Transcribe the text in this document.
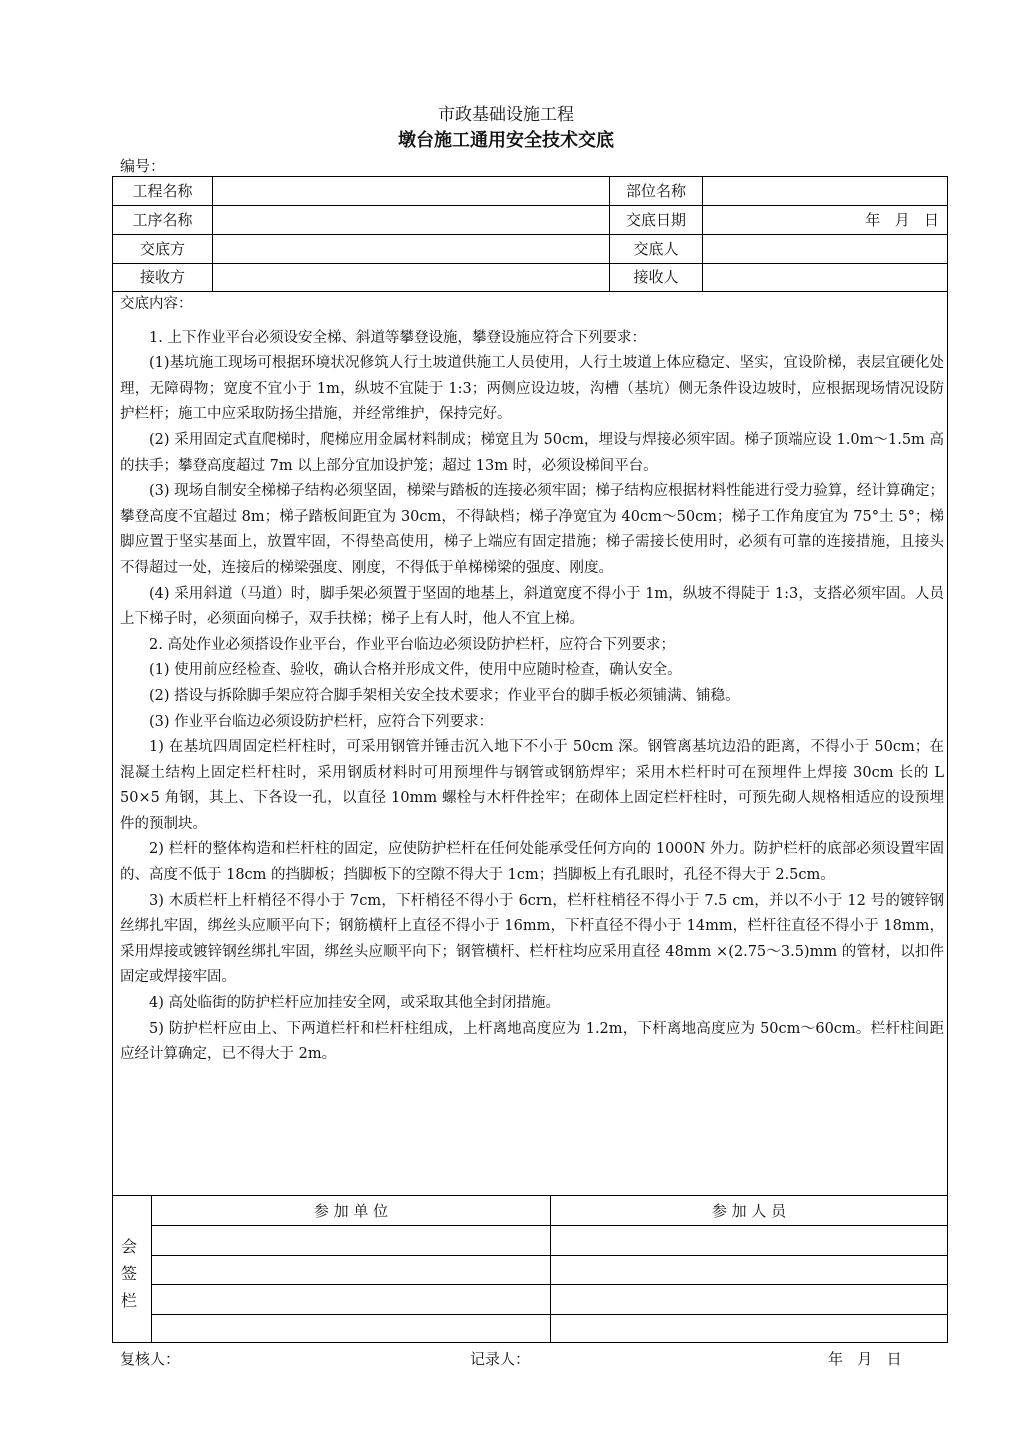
市政基础设施工程
墩台施工通用安全技术交底
编号：
工程名称	部位名称
工序名称	交底日期	年   月   日
交底方	交底人
接收方	接收人
参 加 单 位	参 加 人 员
会
签
栏

交底内容：

1. 上下作业平台必须设安全梯、斜道等攀登设施，攀登设施应符合下列要求：

(1)基坑施工现场可根据环境状况修筑人行土坡道供施工人员使用，人行土坡道上体应稳定、坚实，宜设阶梯，表层宜硬化处理，无障碍物；宽度不宜小于 1m，纵坡不宜陡于 1:3；两侧应设边坡，沟槽（基坑）侧无条件设边坡时，应根据现场情况设防护栏杆；施工中应采取防扬尘措施，并经常维护，保持完好。

(2) 采用固定式直爬梯时，爬梯应用金属材料制成；梯宽且为 50cm，埋设与焊接必须牢固。梯子顶端应设 1.0m～1.5m 高的扶手；攀登高度超过 7m 以上部分宜加设护笼；超过 13m 时，必须设梯间平台。

(3) 现场自制安全梯梯子结构必须坚固，梯梁与踏板的连接必须牢固；梯子结构应根据材料性能进行受力验算，经计算确定；攀登高度不宜超过 8m；梯子踏板间距宜为 30cm，不得缺档；梯子净宽宜为 40cm～50cm；梯子工作角度宜为 75°土 5°；梯脚应置于坚实基面上，放置牢固，不得垫高使用，梯子上端应有固定措施；梯子需接长使用时，必须有可靠的连接措施，且接头不得超过一处，连接后的梯梁强度、刚度，不得低于单梯梯梁的强度、刚度。

(4) 采用斜道（马道）时，脚手架必须置于坚固的地基上，斜道宽度不得小于 1m，纵坡不得陡于 1:3，支搭必须牢固。人员上下梯子时，必须面向梯子，双手扶梯；梯子上有人时，他人不宜上梯。

2. 高处作业必须搭设作业平台，作业平台临边必须设防护栏杆，应符合下列要求；

(1) 使用前应经检查、验收，确认合格并形成文件，使用中应随时检查，确认安全。

(2) 搭设与拆除脚手架应符合脚手架相关安全技术要求；作业平台的脚手板必须铺满、铺稳。

(3) 作业平台临边必须设防护栏杆，应符合下列要求：

1) 在基坑四周固定栏杆柱时，可采用钢管并锤击沉入地下不小于 50cm 深。钢管离基坑边沿的距离，不得小于 50cm；在混凝土结构上固定栏杆柱时，采用钢质材料时可用预埋件与钢管或钢筋焊牢；采用木栏杆时可在预埋件上焊接 30cm 长的 L 50×5 角钢，其上、下各设一孔，以直径 10mm 螺栓与木杆件拴牢；在砌体上固定栏杆柱时，可预先砌人规格相适应的设预埋件的预制块。

2) 栏杆的整体构造和栏杆柱的固定，应使防护栏杆在任何处能承受任何方向的 1000N 外力。防护栏杆的底部必须设置牢固的、高度不低于 18cm 的挡脚板；挡脚板下的空隙不得大于 1cm；挡脚板上有孔眼时，孔径不得大于 2.5cm。

3) 木质栏杆上杆梢径不得小于 7cm，下杆梢径不得小于 6crn，栏杆柱梢径不得小于 7.5 cm，并以不小于 12 号的镀锌钢丝绑扎牢固，绑丝头应顺平向下；钢筋横杆上直径不得小于 16mm，下杆直径不得小于 14mm，栏杆往直径不得小于 18mm，采用焊接或镀锌钢丝绑扎牢固，绑丝头应顺平向下；钢管横杆、栏杆柱均应采用直径 48mm ×(2.75～3.5)mm 的管材，以扣件固定或焊接牢固。

4) 高处临街的防护栏杆应加挂安全网，或采取其他全封闭措施。

5) 防护栏杆应由上、下两道栏杆和栏杆柱组成，上杆离地高度应为 1.2m，下杆离地高度应为 50cm～60cm。栏杆柱间距应经计算确定，已不得大于 2m。

复核人：	记录人：	年   月   日
